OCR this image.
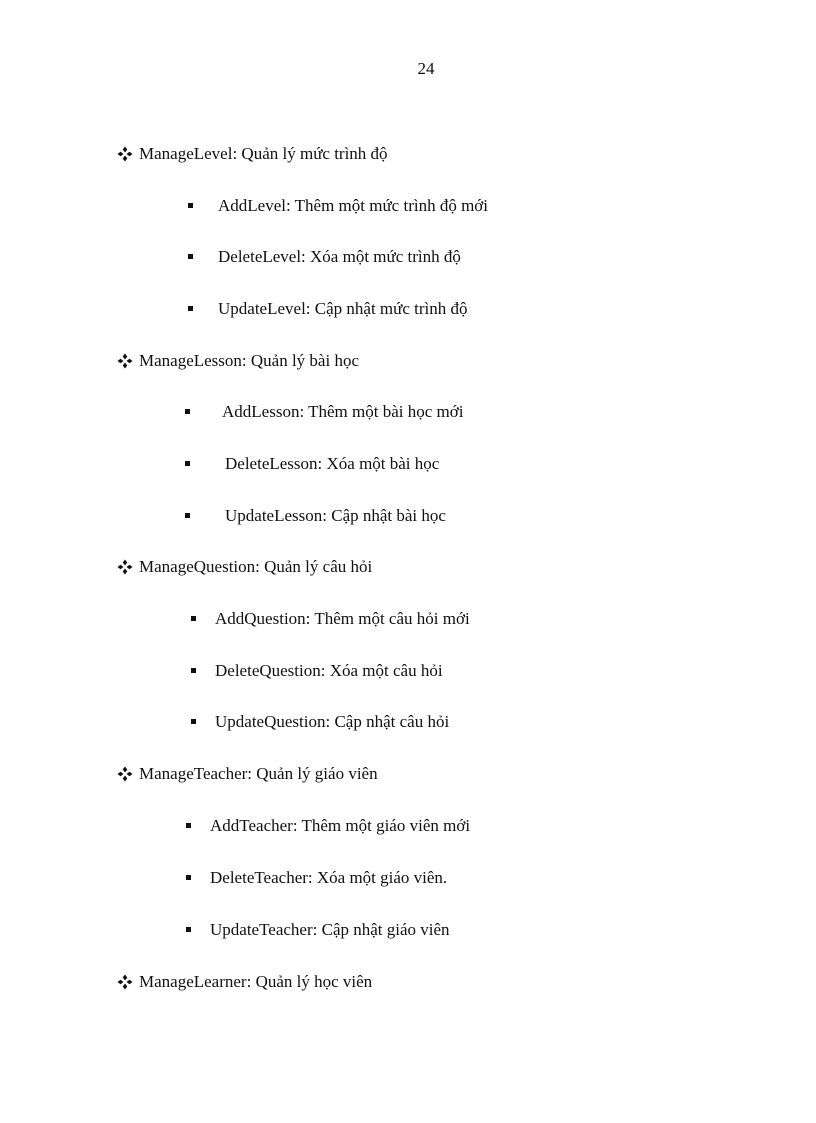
24
ManageLevel: Quản lý mức trình độ
AddLevel: Thêm một mức trình độ mới
DeleteLevel: Xóa một mức trình độ
UpdateLevel: Cập nhật mức trình độ
ManageLesson: Quản lý bài học
AddLesson: Thêm một bài học mới
DeleteLesson: Xóa một bài học
UpdateLesson: Cập nhật bài học
ManageQuestion: Quản lý câu hỏi
AddQuestion: Thêm một câu hỏi mới
DeleteQuestion: Xóa một câu hỏi
UpdateQuestion: Cập nhật câu hỏi
ManageTeacher: Quản lý giáo viên
AddTeacher: Thêm một giáo viên mới
DeleteTeacher: Xóa một giáo viên.
UpdateTeacher: Cập nhật giáo viên
ManageLearner: Quản lý học viên
